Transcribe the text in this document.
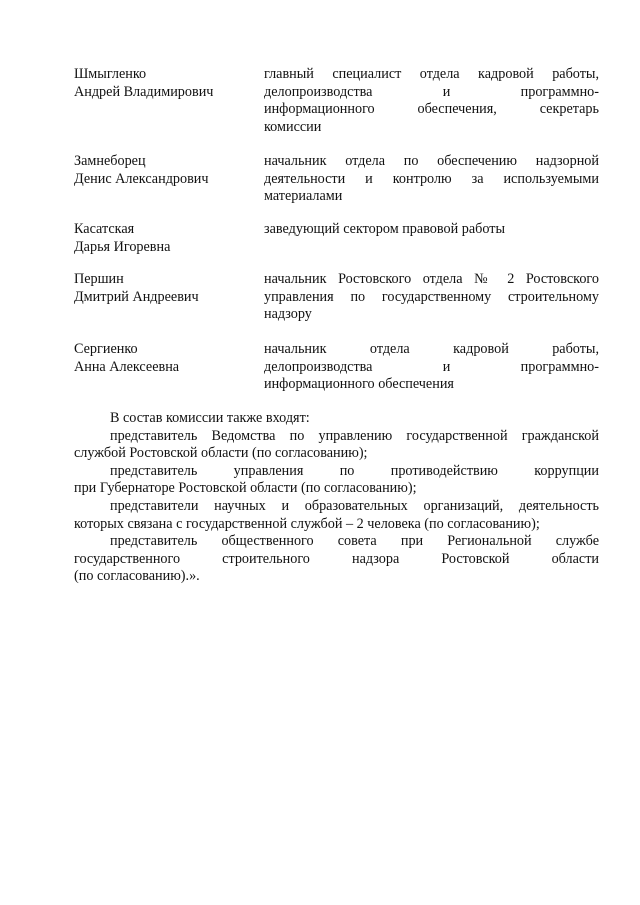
Шмыгленко
Андрей Владимирович
главный специалист отдела кадровой работы,
делопроизводства и программно-
информационного обеспечения, секретарь
комиссии
Замнеборец
Денис Александрович
начальник отдела по обеспечению надзорной
деятельности и контролю за используемыми
материалами
Касатская
Дарья Игоревна
заведующий сектором правовой работы
Першин
Дмитрий Андреевич
начальник Ростовского отдела № 2 Ростовского
управления по государственному строительному
надзору
Сергиенко
Анна Алексеевна
начальник отдела кадровой работы,
делопроизводства и программно-
информационного обеспечения
В состав комиссии также входят:
представитель Ведомства по управлению государственной гражданской
службой Ростовской области (по согласованию);
представитель управления по противодействию коррупции
при Губернаторе Ростовской области (по согласованию);
представители научных и образовательных организаций, деятельность
которых связана с государственной службой – 2 человека (по согласованию);
представитель общественного совета при Региональной службе
государственного строительного надзора Ростовской области
(по согласованию).».
